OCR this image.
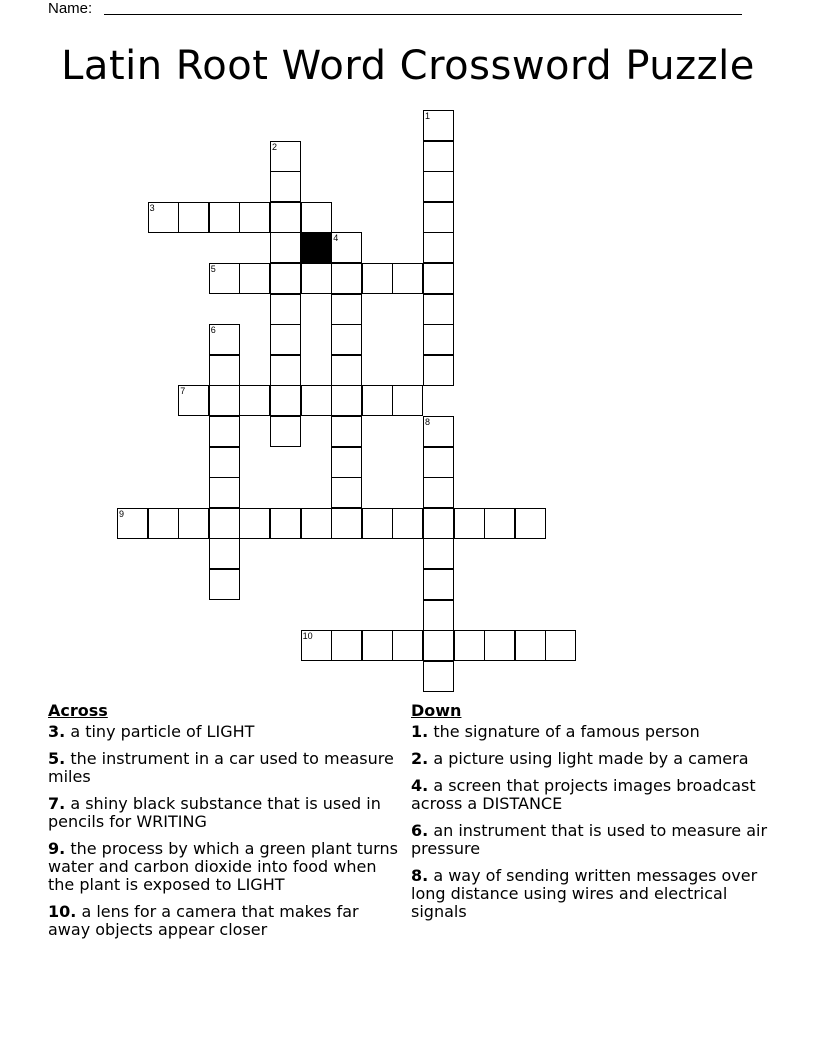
Name:
Latin Root Word Crossword Puzzle
1
2
3
4
5
6
7
8
9
10
Across
3. a tiny particle of LIGHT
5. the instrument in a car used to measure miles
7. a shiny black substance that is used in pencils for WRITING
9. the process by which a green plant turns water and carbon dioxide into food when the plant is exposed to LIGHT
10. a lens for a camera that makes far away objects appear closer
Down
1. the signature of a famous person
2. a picture using light made by a camera
4. a screen that projects images broadcast across a DISTANCE
6. an instrument that is used to measure air pressure
8. a way of sending written messages over long distance using wires and electrical signals
